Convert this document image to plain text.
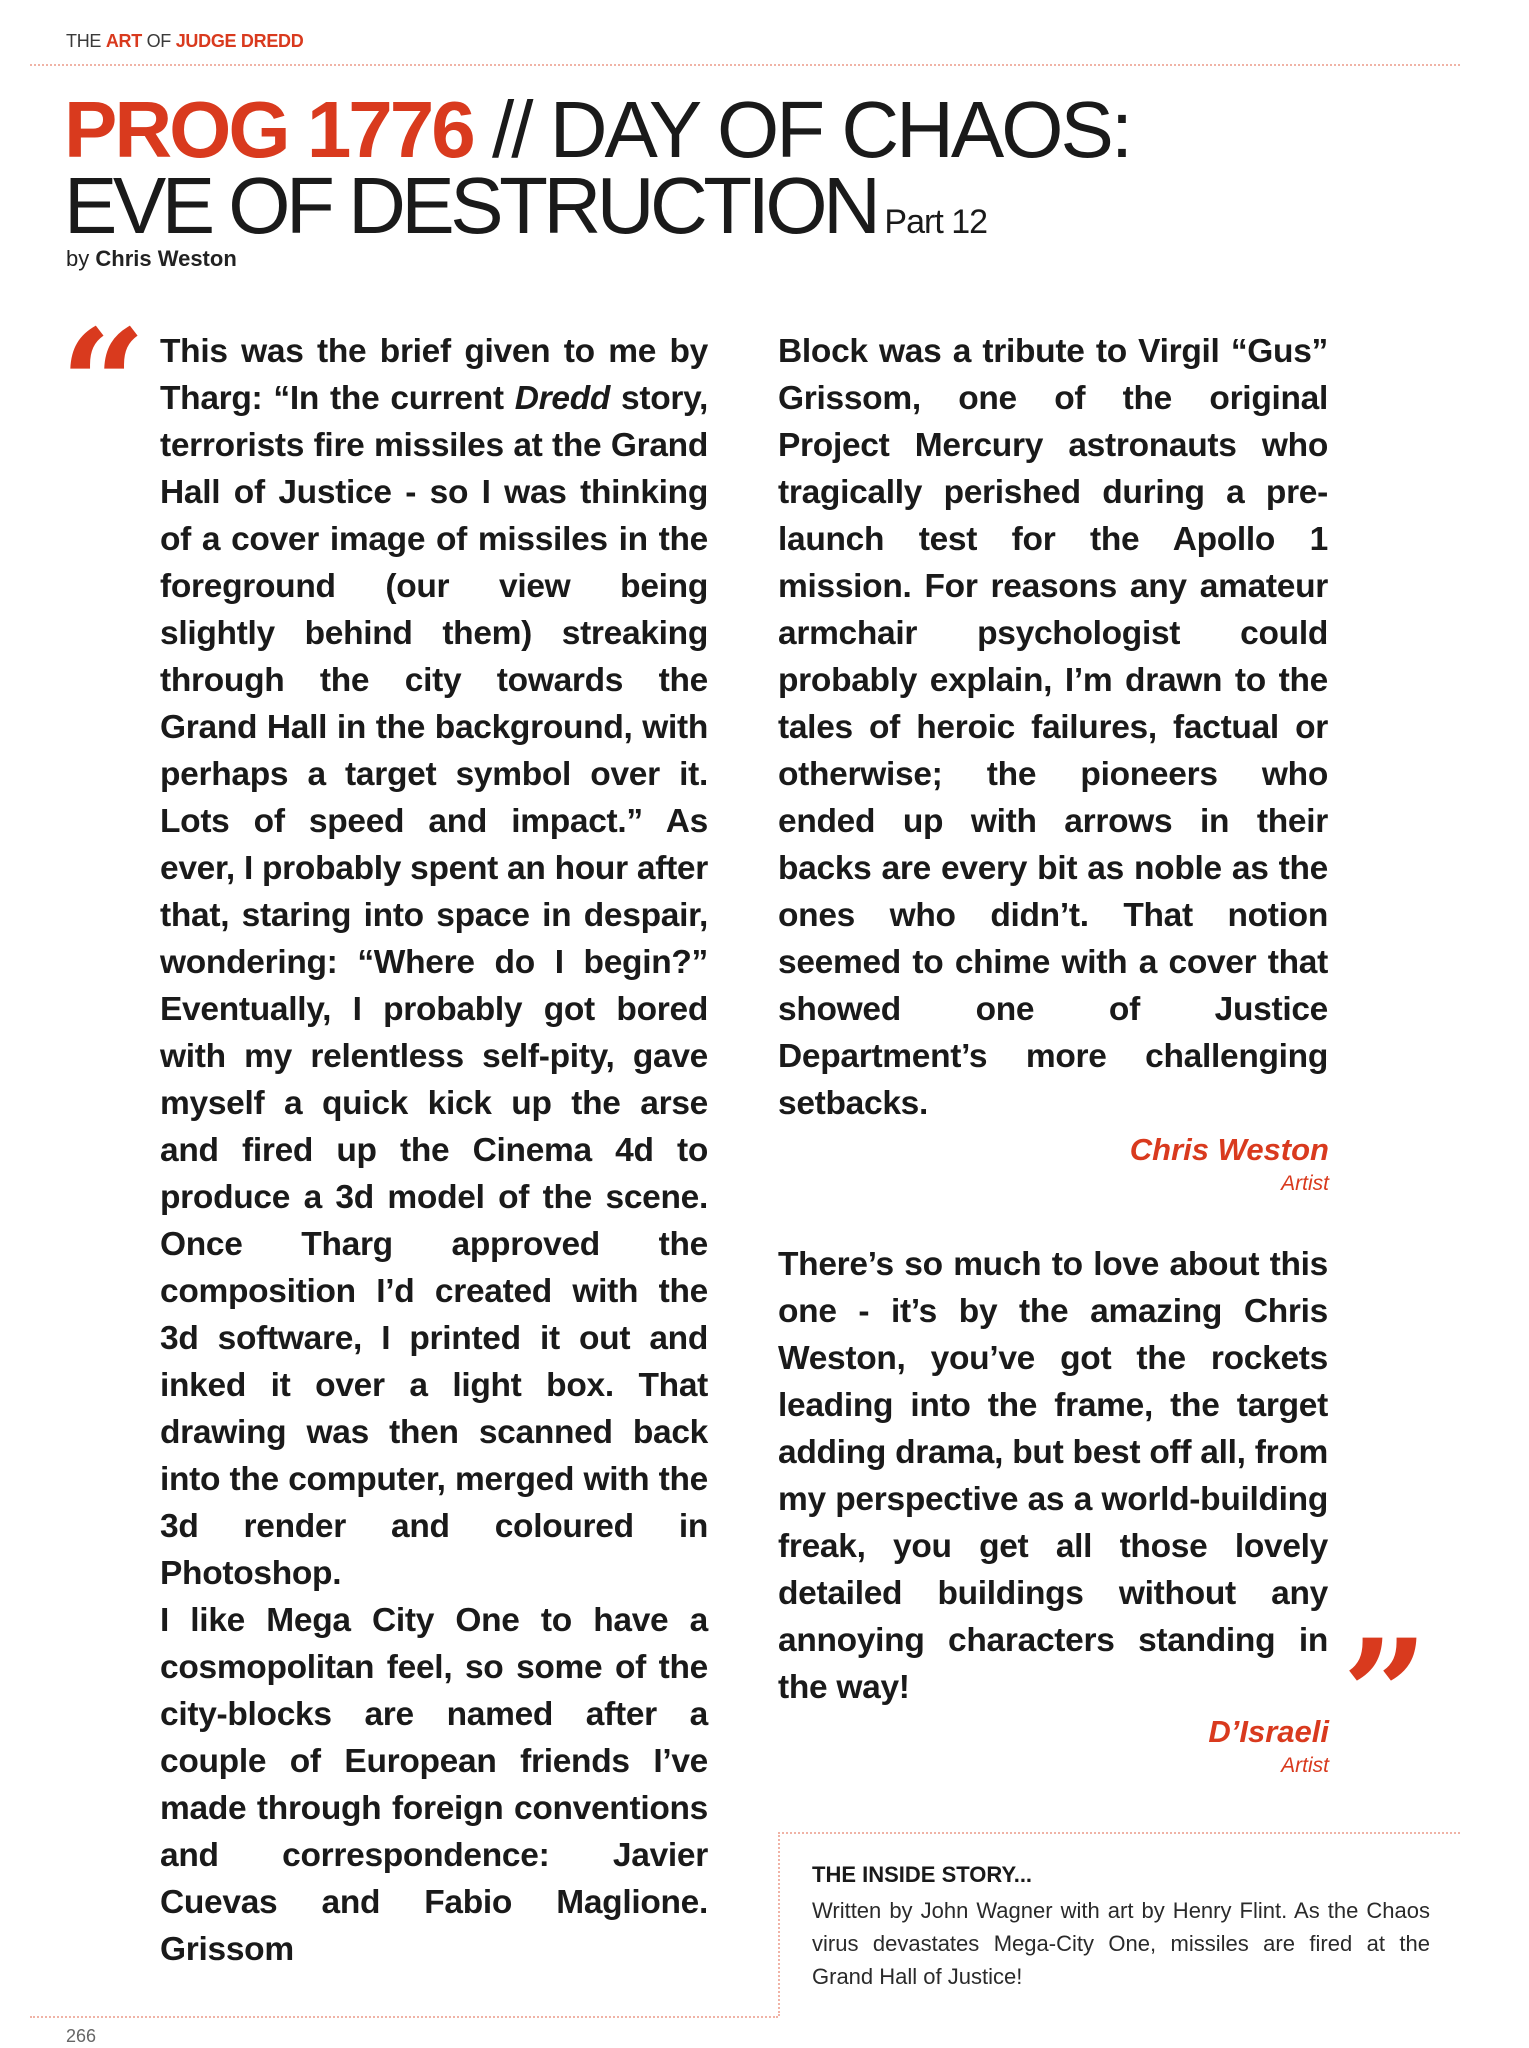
THE ART OF JUDGE DREDD
PROG 1776 // DAY OF CHAOS:
EVE OF DESTRUCTION Part 12
by Chris Weston
“ This was the brief given to me by Tharg: “In the current Dredd story, terrorists fire missiles at the Grand Hall of Justice - so I was thinking of a cover image of missiles in the foreground (our view being slightly behind them) streaking through the city towards the Grand Hall in the background, with perhaps a target symbol over it. Lots of speed and impact.” As ever, I probably spent an hour after that, staring into space in despair, wondering: “Where do I begin?” Eventually, I probably got bored with my relentless self-pity, gave myself a quick kick up the arse and fired up the Cinema 4d to produce a 3d model of the scene. Once Tharg approved the composition I’d created with the 3d software, I printed it out and inked it over a light box. That drawing was then scanned back into the computer, merged with the 3d render and coloured in Photoshop.

I like Mega City One to have a cosmopolitan feel, so some of the city-blocks are named after a couple of European friends I’ve made through foreign conventions and correspondence: Javier Cuevas and Fabio Maglione. Grissom

Block was a tribute to Virgil “Gus” Grissom, one of the original Project Mercury astronauts who tragically perished during a pre-launch test for the Apollo 1 mission. For reasons any amateur armchair psychologist could probably explain, I’m drawn to the tales of heroic failures, factual or otherwise; the pioneers who ended up with arrows in their backs are every bit as noble as the ones who didn’t. That notion seemed to chime with a cover that showed one of Justice Department’s more challenging setbacks.

Chris Weston
Artist

There’s so much to love about this one - it’s by the amazing Chris Weston, you’ve got the rockets leading into the frame, the target adding drama, but best off all, from my perspective as a world-building freak, you get all those lovely detailed buildings without any annoying characters standing in the way!	”
D’Israeli
Artist
THE INSIDE STORY...

Written by John Wagner with art by Henry Flint. As the Chaos virus devastates Mega-City One, missiles are fired at the Grand Hall of Justice!

266
